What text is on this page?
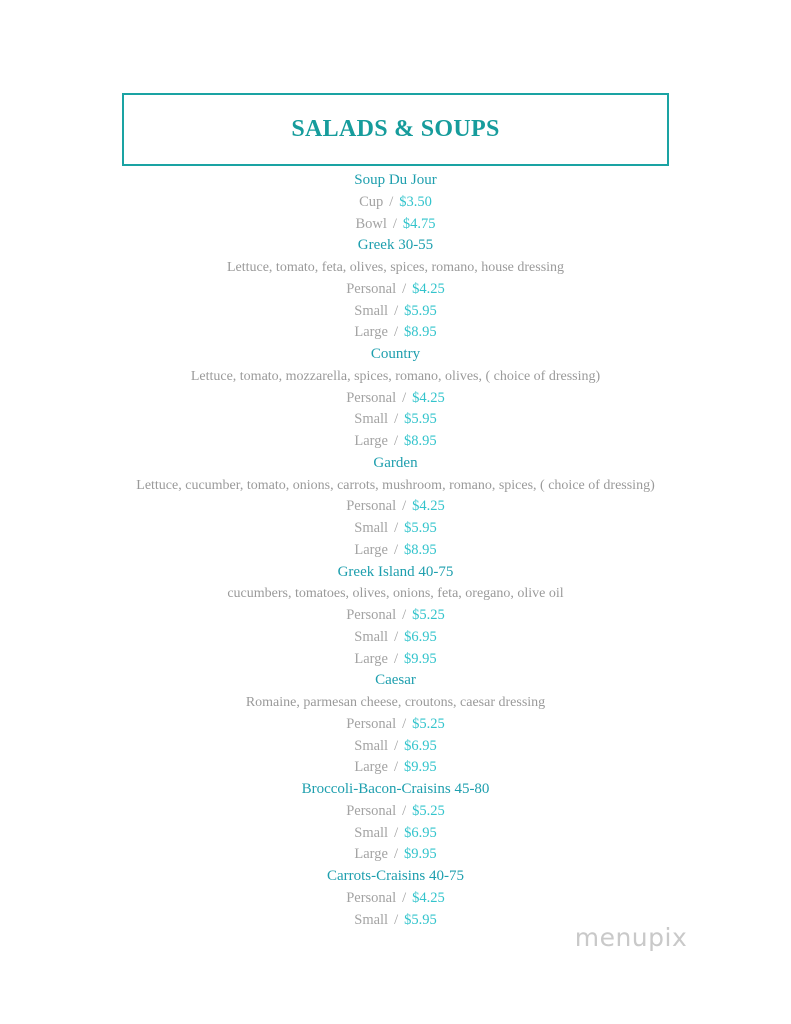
SALADS & SOUPS
Soup Du Jour
Cup / $3.50
Bowl / $4.75
Greek 30-55
Lettuce, tomato, feta, olives, spices, romano, house dressing
Personal / $4.25
Small / $5.95
Large / $8.95
Country
Lettuce, tomato, mozzarella, spices, romano, olives, ( choice of dressing)
Personal / $4.25
Small / $5.95
Large / $8.95
Garden
Lettuce, cucumber, tomato, onions, carrots, mushroom, romano, spices, ( choice of dressing)
Personal / $4.25
Small / $5.95
Large / $8.95
Greek Island 40-75
cucumbers, tomatoes, olives, onions, feta, oregano, olive oil
Personal / $5.25
Small / $6.95
Large / $9.95
Caesar
Romaine, parmesan cheese, croutons, caesar dressing
Personal / $5.25
Small / $6.95
Large / $9.95
Broccoli-Bacon-Craisins 45-80
Personal / $5.25
Small / $6.95
Large / $9.95
Carrots-Craisins 40-75
Personal / $4.25
Small / $5.95
menupix
